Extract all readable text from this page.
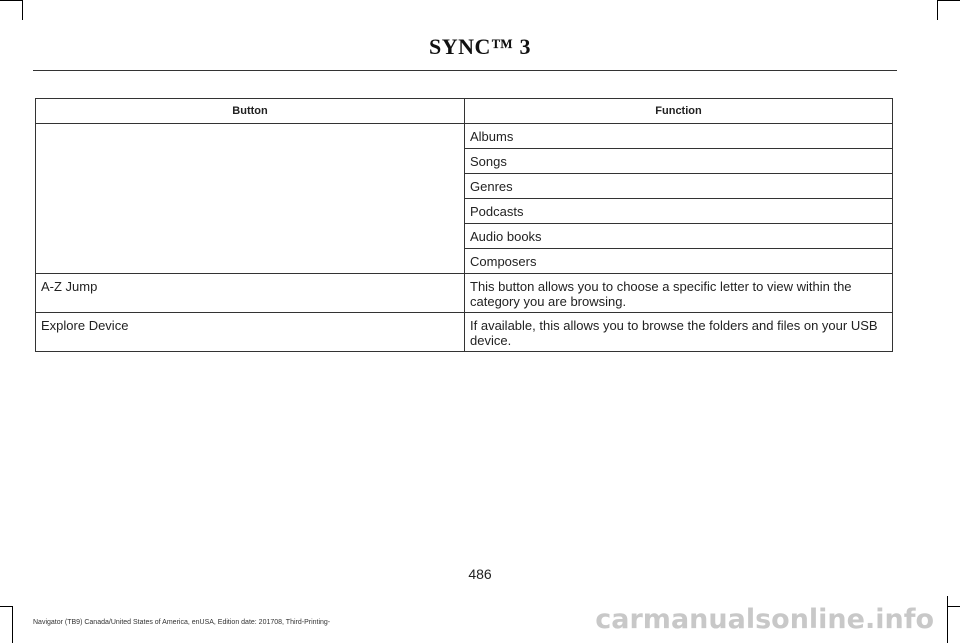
SYNC™ 3
Button	Function
	Albums
	Songs
	Genres
	Podcasts
	Audio books
	Composers

A-Z Jump	This button allows you to choose a specific letter to view within the category you are browsing.

Explore Device	If available, this allows you to browse the folders and files on your USB device.
486
Navigator (TB9) Canada/United States of America, enUSA, Edition date: 201708, Third-Printing-	carmanualsonline.info
